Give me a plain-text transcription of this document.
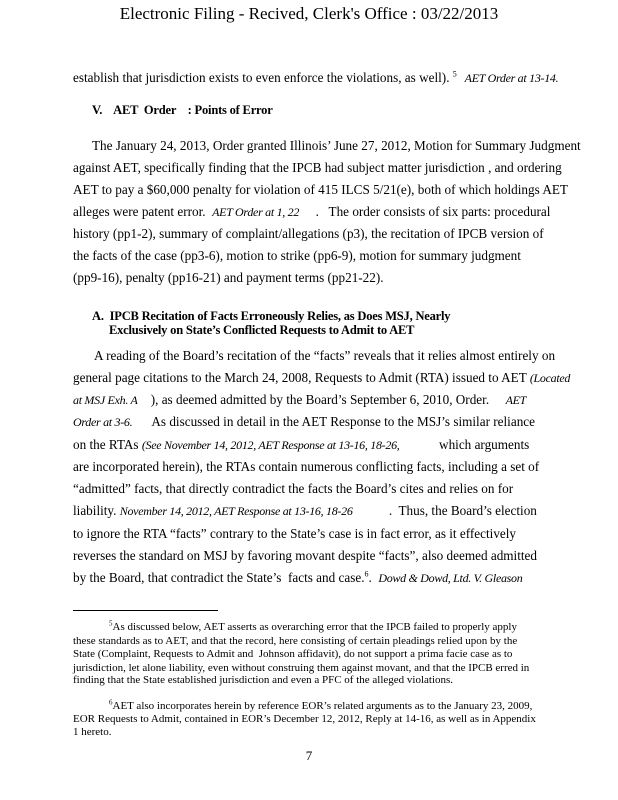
Electronic Filing - Recived, Clerk's Office : 03/22/2013
establish that jurisdiction exists to even enforce the violations, as well). $^5$   AET Order at 13-14.
V.    AET  Order    : Points of Error
The January 24, 2013, Order granted Illinois’ June 27, 2012, Motion for Summary Judgment
against AET, specifically finding that the IPCB had subject matter jurisdiction , and ordering
AET to pay a $60,000 penalty for violation of 415 ILCS 5/21(e), both of which holdings AET
alleges were patent error.  AET Order at 1, 22     .   The order consists of six parts: procedural
history (pp1-2), summary of complaint/allegations (p3), the recitation of IPCB version of
the facts of the case (pp3-6), motion to strike (pp6-9), motion for summary judgment
(pp9-16), penalty (pp16-21) and payment terms (pp21-22).
A.  IPCB Recitation of Facts Erroneously Relies, as Does MSJ, Nearly
Exclusively on State’s Conflicted Requests to Admit to AET
A reading of the Board’s recitation of the “facts” reveals that it relies almost entirely on
general page citations to the March 24, 2008, Requests to Admit (RTA) issued to AET (Located
at MSJ Exh. A    ), as deemed admitted by the Board’s September 6, 2010, Order.     AET
Order at 3-6.      As discussed in detail in the AET Response to the MSJ’s similar reliance
on the RTAs (See November 14, 2012, AET Response at 13-16, 18-26,            which arguments
are incorporated herein), the RTAs contain numerous conflicting facts, including a set of
“admitted” facts, that directly contradict the facts the Board’s cites and relies on for
liability. November 14, 2012, AET Response at 13-16, 18-26           .  Thus, the Board’s election
to ignore the RTA “facts” contrary to the State’s case is in fact error, as it effectively
reverses the standard on MSJ by favoring movant despite “facts”, also deemed admitted
by the Board, that contradict the State’s  facts and case.$^6$.  Dowd & Dowd, Ltd. V. Gleason
$^5$As discussed below, AET asserts as overarching error that the IPCB failed to properly apply
these standards as to AET, and that the record, here consisting of certain pleadings relied upon by the
State (Complaint, Requests to Admit and  Johnson affidavit), do not support a prima facie case as to
jurisdiction, let alone liability, even without construing them against movant, and that the IPCB erred in
finding that the State established jurisdiction and even a PFC of the alleged violations.
$^6$AET also incorporates herein by reference EOR’s related arguments as to the January 23, 2009,
EOR Requests to Admit, contained in EOR’s December 12, 2012, Reply at 14-16, as well as in Appendix
1 hereto.
7
